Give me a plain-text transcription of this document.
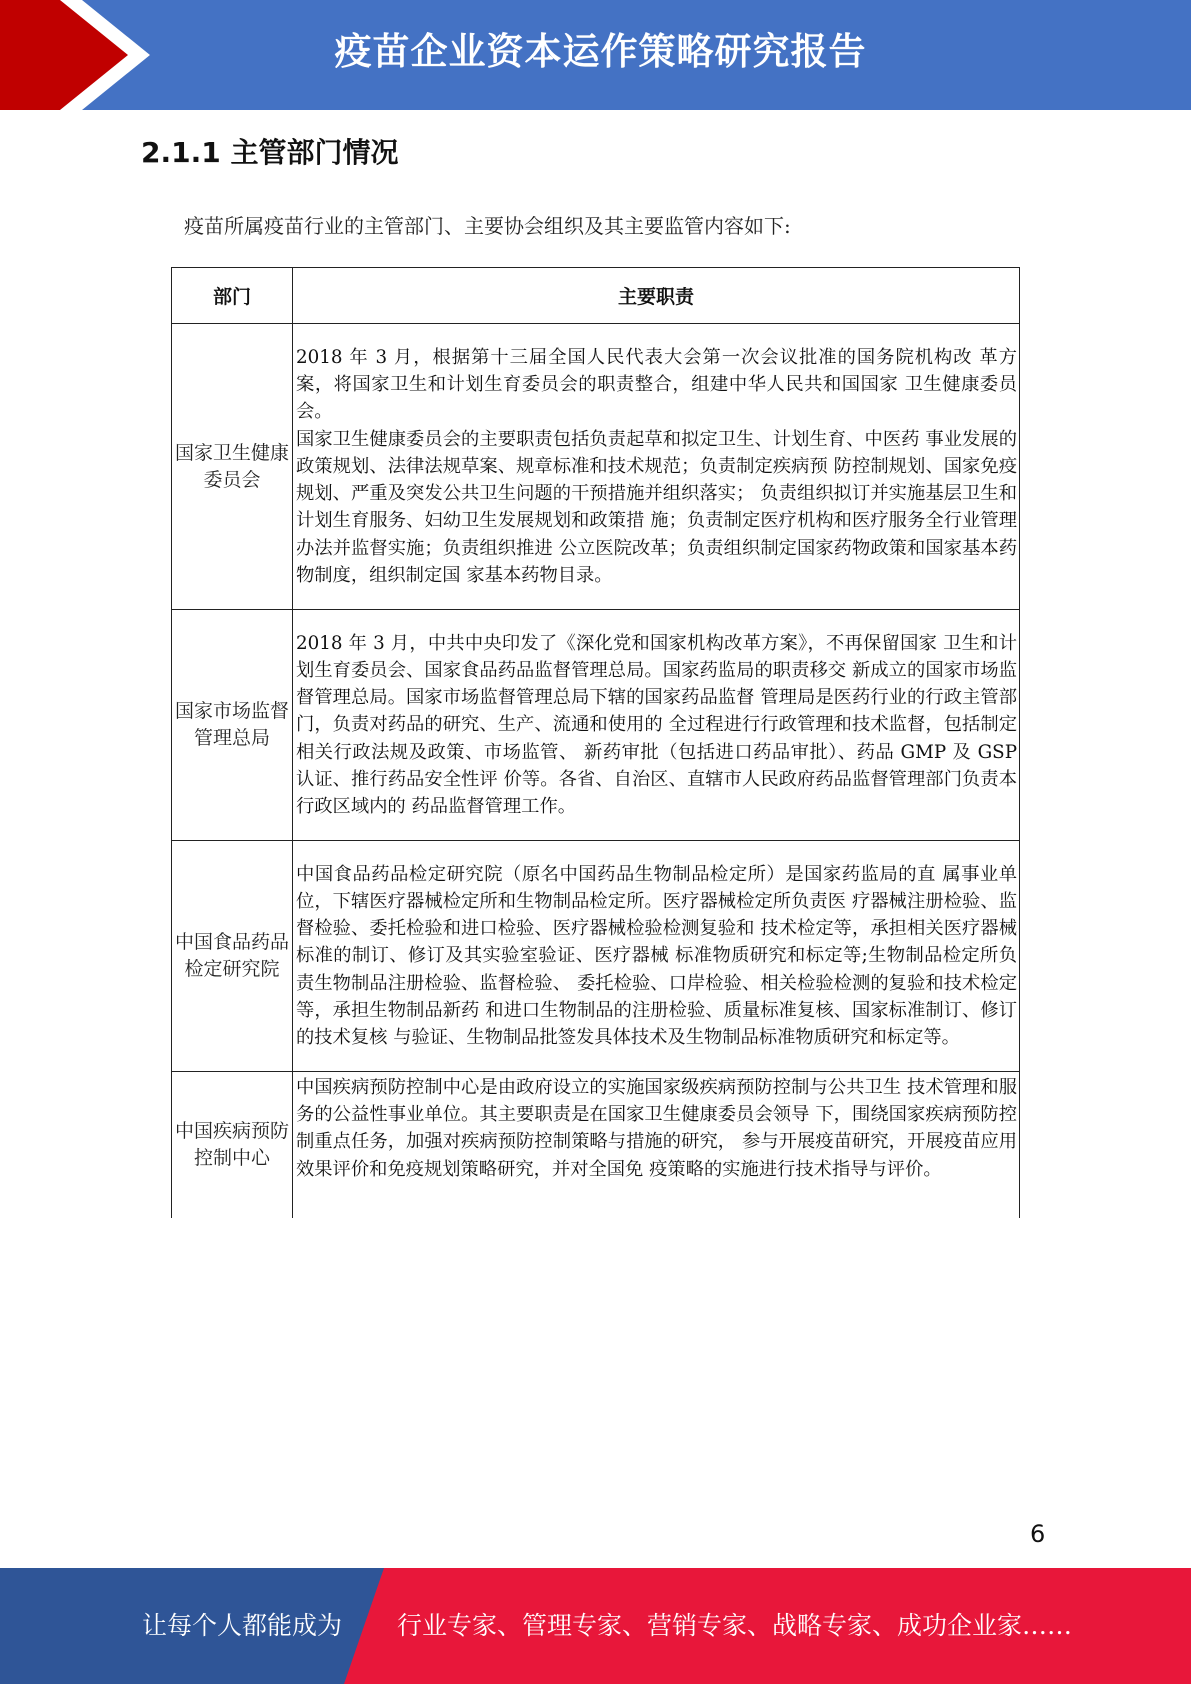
疫苗企业资本运作策略研究报告
2.1.1 主管部门情况
疫苗所属疫苗行业的主管部门、主要协会组织及其主要监管内容如下:
部门	主要职责
国家卫生健康委员会	2018 年 3 月，根据第十三届全国人民代表大会第一次会议批准的国务院机构改 革方案，将国家卫生和计划生育委员会的职责整合，组建中华人民共和国国家 卫生健康委员会。
国家卫生健康委员会的主要职责包括负责起草和拟定卫生、计划生育、中医药 事业发展的政策规划、法律法规草案、规章标准和技术规范；负责制定疾病预 防控制规划、国家免疫规划、严重及突发公共卫生问题的干预措施并组织落实； 负责组织拟订并实施基层卫生和计划生育服务、妇幼卫生发展规划和政策措 施；负责制定医疗机构和医疗服务全行业管理办法并监督实施；负责组织推进 公立医院改革；负责组织制定国家药物政策和国家基本药物制度，组织制定国 家基本药物目录。
国家市场监督管理总局	2018 年 3 月，中共中央印发了《深化党和国家机构改革方案》，不再保留国家 卫生和计划生育委员会、国家食品药品监督管理总局。国家药监局的职责移交 新成立的国家市场监督管理总局。国家市场监督管理总局下辖的国家药品监督 管理局是医药行业的行政主管部门，负责对药品的研究、生产、流通和使用的 全过程进行行政管理和技术监督，包括制定相关行政法规及政策、市场监管、 新药审批（包括进口药品审批）、药品 GMP 及 GSP 认证、推行药品安全性评 价等。各省、自治区、直辖市人民政府药品监督管理部门负责本行政区域内的 药品监督管理工作。
中国食品药品检定研究院	中国食品药品检定研究院（原名中国药品生物制品检定所）是国家药监局的直 属事业单位，下辖医疗器械检定所和生物制品检定所。医疗器械检定所负责医 疗器械注册检验、监督检验、委托检验和进口检验、医疗器械检验检测复验和 技术检定等，承担相关医疗器械标准的制订、修订及其实验室验证、医疗器械 标准物质研究和标定等;生物制品检定所负责生物制品注册检验、监督检验、 委托检验、口岸检验、相关检验检测的复验和技术检定等，承担生物制品新药 和进口生物制品的注册检验、质量标准复核、国家标准制订、修订的技术复核 与验证、生物制品批签发具体技术及生物制品标准物质研究和标定等。
中国疾病预防控制中心	中国疾病预防控制中心是由政府设立的实施国家级疾病预防控制与公共卫生 技术管理和服务的公益性事业单位。其主要职责是在国家卫生健康委员会领导 下，围绕国家疾病预防控制重点任务，加强对疾病预防控制策略与措施的研究， 参与开展疫苗研究，开展疫苗应用效果评价和免疫规划策略研究，并对全国免 疫策略的实施进行技术指导与评价。
6
让每个人都能成为 行业专家、管理专家、营销专家、战略专家、成功企业家……
